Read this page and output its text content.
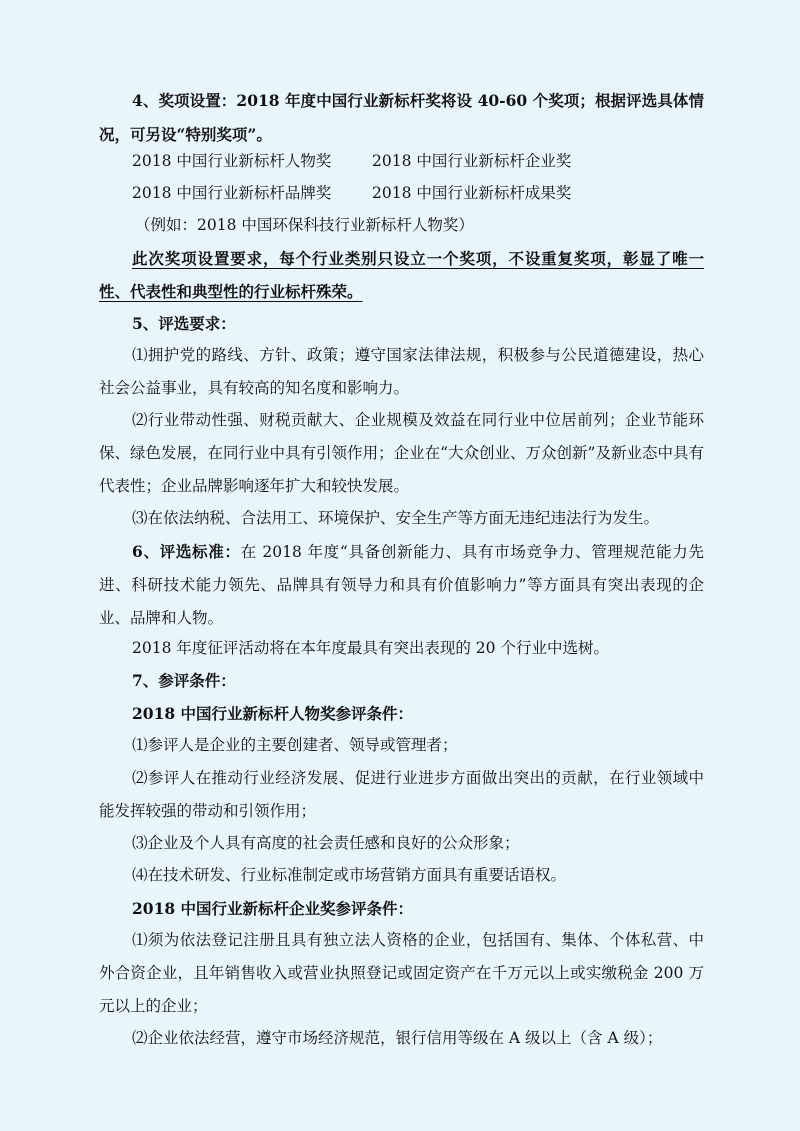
4、奖项设置：2018 年度中国行业新标杆奖将设 40-60 个奖项；根据评选具体情况，可另设“特别奖项”。

2018 中国行业新标杆人物奖	2018 中国行业新标杆企业奖
2018 中国行业新标杆品牌奖	2018 中国行业新标杆成果奖
（例如：2018 中国环保科技行业新标杆人物奖）

此次奖项设置要求，每个行业类别只设立一个奖项，不设重复奖项，彰显了唯一性、代表性和典型性的行业标杆殊荣。

5、评选要求：

⑴拥护党的路线、方针、政策；遵守国家法律法规，积极参与公民道德建设，热心社会公益事业，具有较高的知名度和影响力。

⑵行业带动性强、财税贡献大、企业规模及效益在同行业中位居前列；企业节能环保、绿色发展，在同行业中具有引领作用；企业在“大众创业、万众创新”及新业态中具有代表性；企业品牌影响逐年扩大和较快发展。

⑶在依法纳税、合法用工、环境保护、安全生产等方面无违纪违法行为发生。

6、评选标准：在 2018 年度“具备创新能力、具有市场竞争力、管理规范能力先进、科研技术能力领先、品牌具有领导力和具有价值影响力”等方面具有突出表现的企业、品牌和人物。

2018 年度征评活动将在本年度最具有突出表现的 20 个行业中选树。

7、参评条件：
2018 中国行业新标杆人物奖参评条件：

⑴参评人是企业的主要创建者、领导或管理者；

⑵参评人在推动行业经济发展、促进行业进步方面做出突出的贡献，在行业领域中能发挥较强的带动和引领作用；

⑶企业及个人具有高度的社会责任感和良好的公众形象；

⑷在技术研发、行业标准制定或市场营销方面具有重要话语权。

2018 中国行业新标杆企业奖参评条件：

⑴须为依法登记注册且具有独立法人资格的企业，包括国有、集体、个体私营、中外合资企业，且年销售收入或营业执照登记或固定资产在千万元以上或实缴税金 200 万元以上的企业；

⑵企业依法经营，遵守市场经济规范，银行信用等级在 A 级以上（含 A 级）；
